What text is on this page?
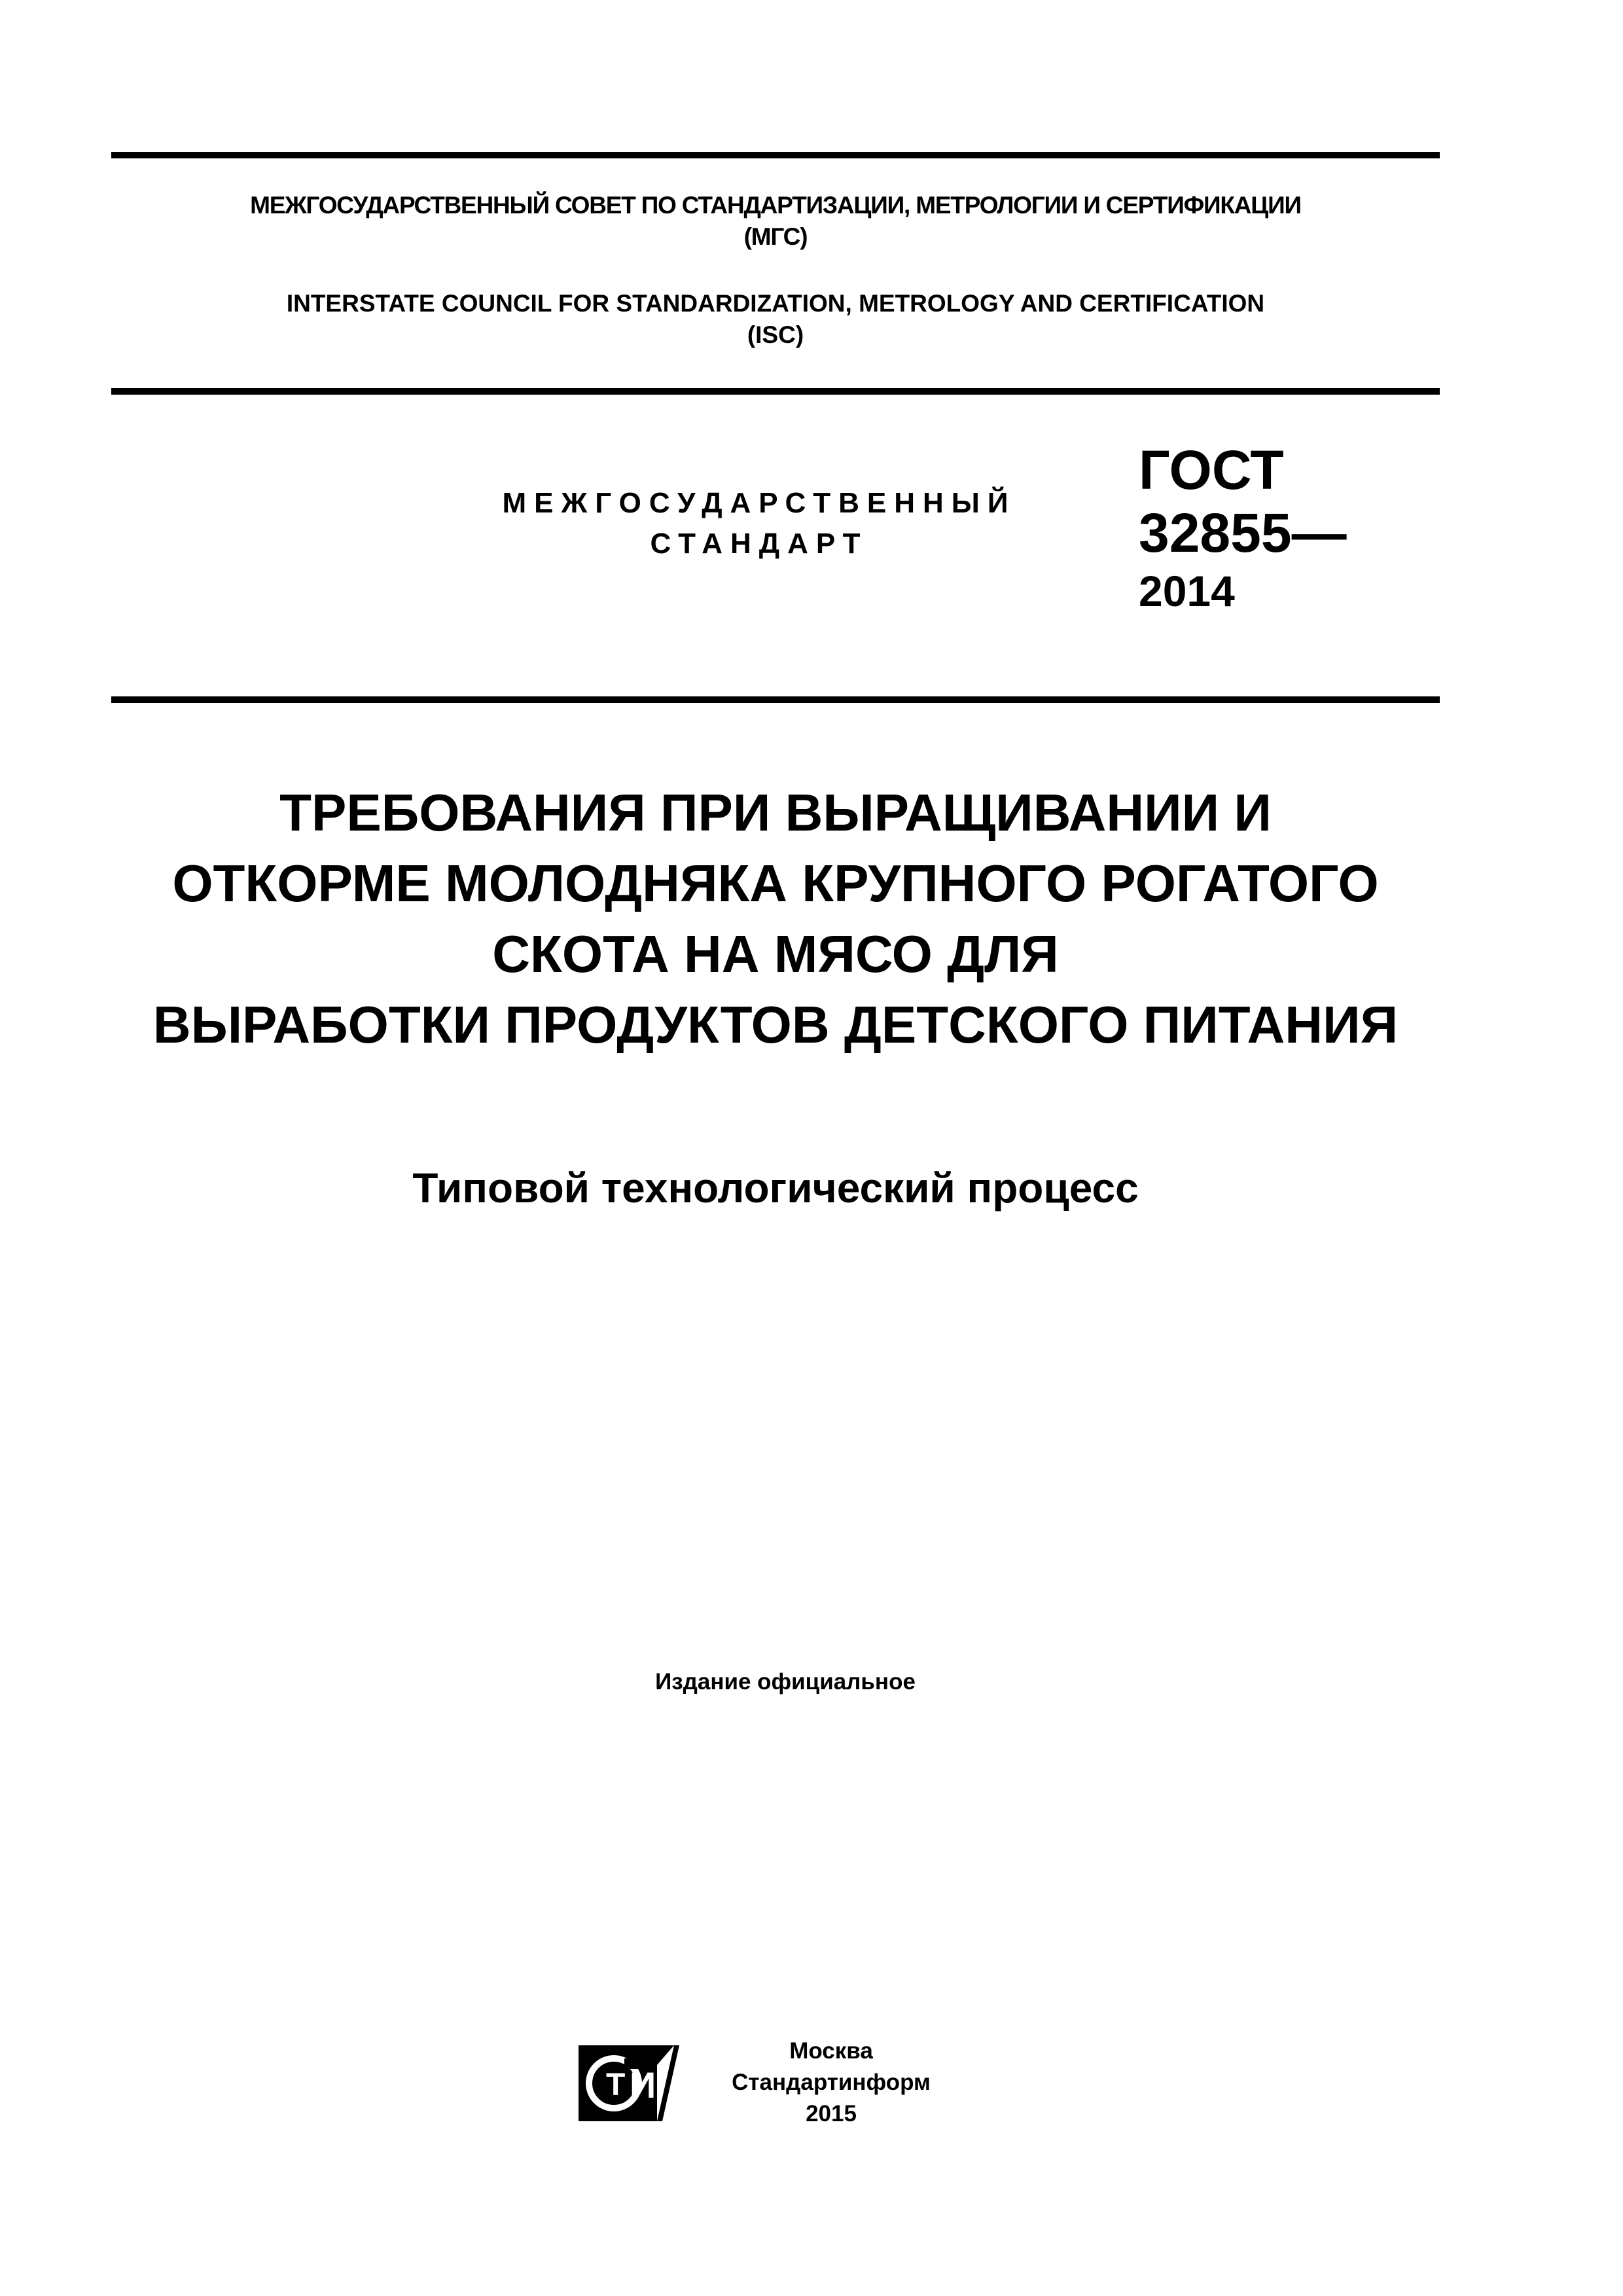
МЕЖГОСУДАРСТВЕННЫЙ СОВЕТ ПО СТАНДАРТИЗАЦИИ, МЕТРОЛОГИИ И СЕРТИФИКАЦИИ
(МГС)
INTERSTATE COUNCIL FOR STANDARDIZATION, METROLOGY AND CERTIFICATION
(ISC)
МЕЖГОСУДАРСТВЕННЫЙ
СТАНДАРТ
ГОСТ
32855—
2014
ТРЕБОВАНИЯ ПРИ ВЫРАЩИВАНИИ И
ОТКОРМЕ МОЛОДНЯКА КРУПНОГО РОГАТОГО
СКОТА НА МЯСО ДЛЯ
ВЫРАБОТКИ ПРОДУКТОВ ДЕТСКОГО ПИТАНИЯ
Типовой технологический процесс
Издание официальное
Т И
Москва
Стандартинформ
2015
